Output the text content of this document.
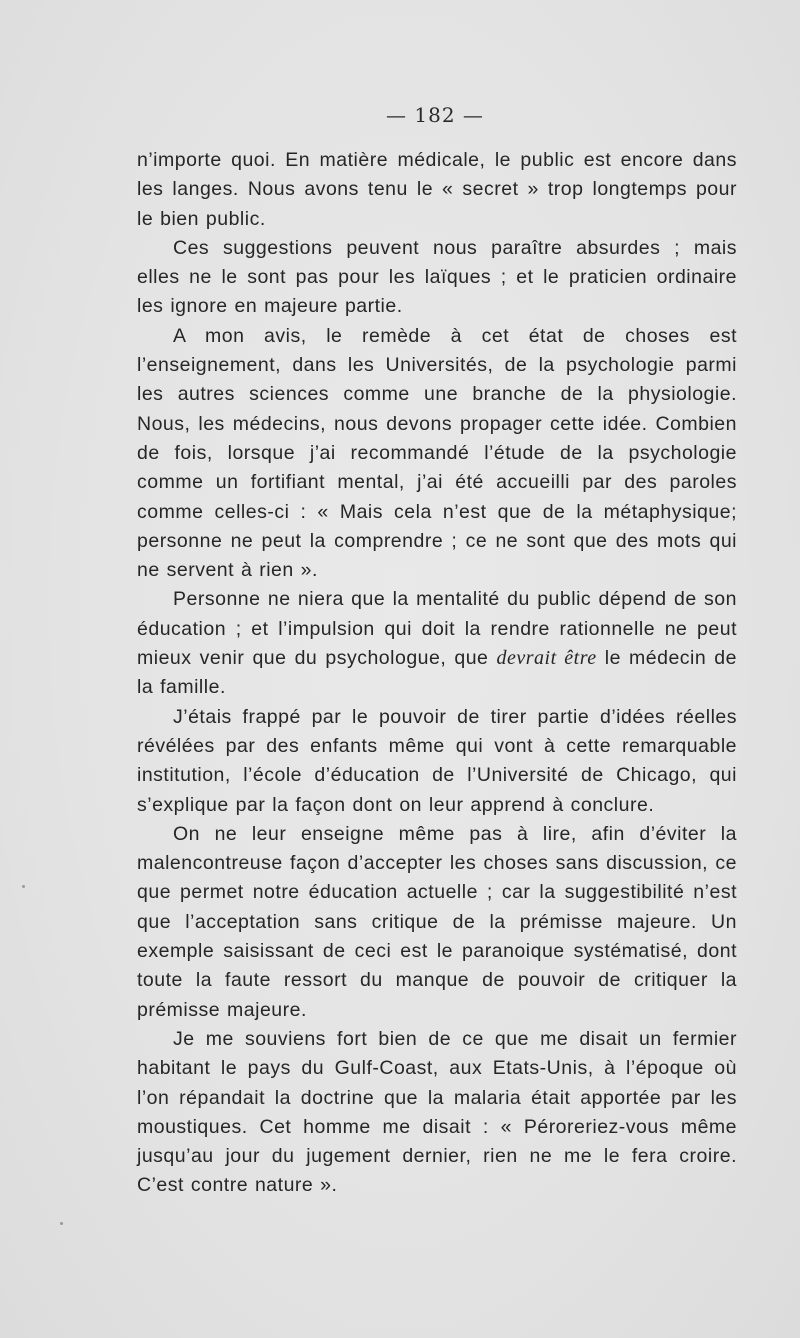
— 182 —

n’importe quoi. En matière médicale, le public est encore dans les langes. Nous avons tenu le « secret » trop longtemps pour le bien public.

Ces suggestions peuvent nous paraître absurdes ; mais elles ne le sont pas pour les laïques ; et le praticien ordinaire les ignore en majeure partie.

A mon avis, le remède à cet état de choses est l’enseignement, dans les Universités, de la psychologie parmi les autres sciences comme une branche de la physiologie. Nous, les médecins, nous devons propager cette idée. Combien de fois, lorsque j’ai recommandé l’étude de la psychologie comme un fortifiant mental, j’ai été accueilli par des paroles comme celles-ci : « Mais cela n’est que de la métaphysique; personne ne peut la comprendre ; ce ne sont que des mots qui ne servent à rien ».

Personne ne niera que la mentalité du public dépend de son éducation ; et l’impulsion qui doit la rendre rationnelle ne peut mieux venir que du psychologue, que devrait être le médecin de la famille.

J’étais frappé par le pouvoir de tirer partie d’idées réelles révélées par des enfants même qui vont à cette remarquable institution, l’école d’éducation de l’Université de Chicago, qui s’explique par la façon dont on leur apprend à conclure.

On ne leur enseigne même pas à lire, afin d’éviter la malencontreuse façon d’accepter les choses sans discussion, ce que permet notre éducation actuelle ; car la suggestibilité n’est que l’acceptation sans critique de la prémisse majeure. Un exemple saisissant de ceci est le paranoique systématisé, dont toute la faute ressort du manque de pouvoir de critiquer la prémisse majeure.

Je me souviens fort bien de ce que me disait un fermier habitant le pays du Gulf-Coast, aux Etats-Unis, à l’époque où l’on répandait la doctrine que la malaria était apportée par les moustiques. Cet homme me disait : « Péroreriez-vous même jusqu’au jour du jugement dernier, rien ne me le fera croire. C’est contre nature ».
